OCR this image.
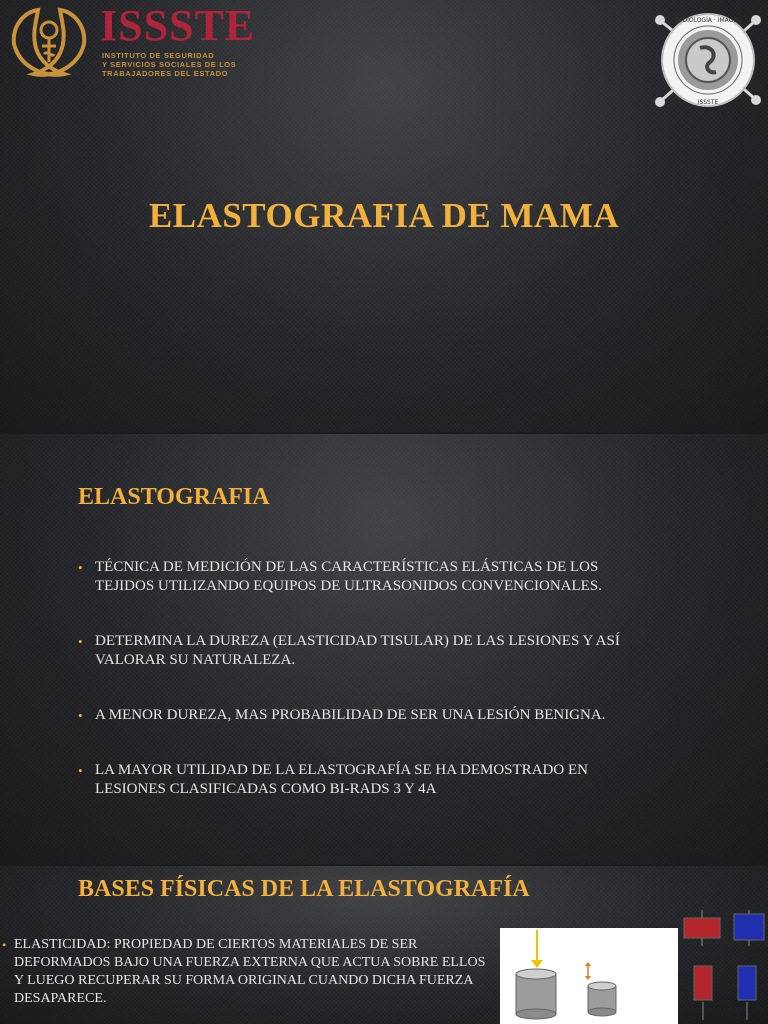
ISSSTE
INSTITUTO DE SEGURIDAD
Y SERVICIOS SOCIALES DE LOS
TRABAJADORES DEL ESTADO
RADIOLOGÍA · IMAGEN
ISSSTE
ELASTOGRAFIA DE MAMA
ELASTOGRAFIA
• TÉCNICA DE MEDICIÓN DE LAS CARACTERÍSTICAS ELÁSTICAS DE LOS
TEJIDOS UTILIZANDO EQUIPOS DE ULTRASONIDOS CONVENCIONALES.
• DETERMINA LA DUREZA (ELASTICIDAD TISULAR) DE LAS LESIONES Y ASÍ
VALORAR SU NATURALEZA.
• A MENOR DUREZA, MAS PROBABILIDAD DE SER UNA LESIÓN BENIGNA.
• LA MAYOR UTILIDAD DE LA ELASTOGRAFÍA SE HA DEMOSTRADO EN
LESIONES CLASIFICADAS COMO BI-RADS 3 Y 4A
BASES FÍSICAS DE LA ELASTOGRAFÍA
• ELASTICIDAD: PROPIEDAD DE CIERTOS MATERIALES DE SER
DEFORMADOS BAJO UNA FUERZA EXTERNA QUE ACTUA SOBRE ELLOS
Y LUEGO RECUPERAR SU FORMA ORIGINAL CUANDO DICHA FUERZA
DESAPARECE.
